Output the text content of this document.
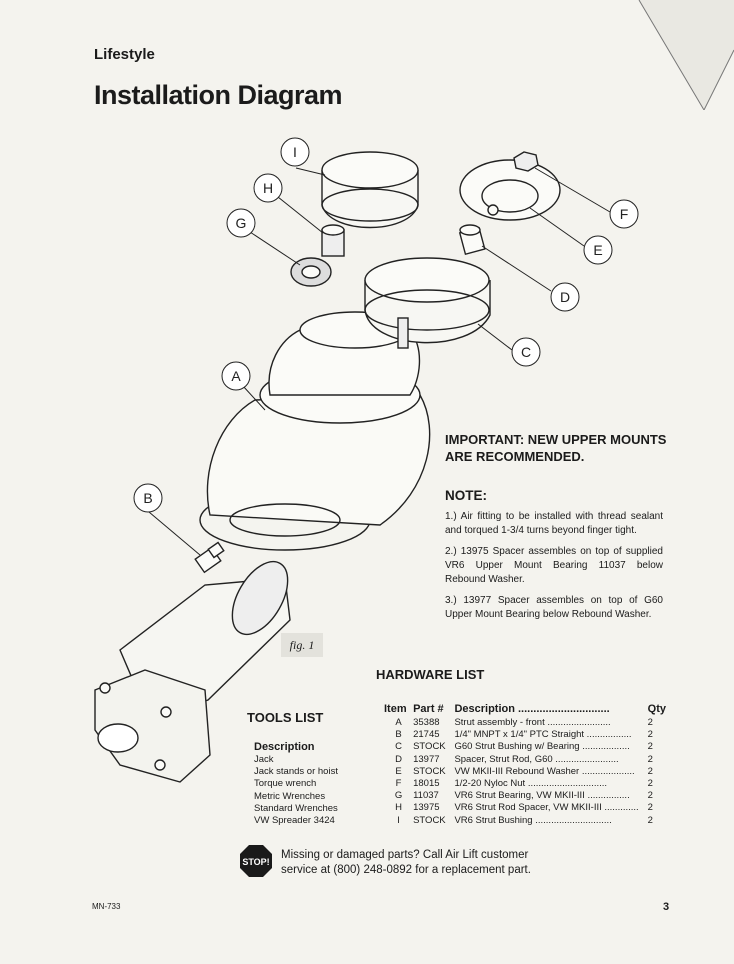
Lifestyle
Installation Diagram
I
H
G
A
B
C
D
E
F
IMPORTANT: NEW UPPER MOUNTS ARE RECOMMENDED.
NOTE:
1.) Air fitting to be installed with thread sealant and torqued 1-3/4 turns beyond finger tight.
2.) 13975 Spacer assembles on top of supplied VR6 Upper Mount Bearing 11037 below Rebound Washer.
3.) 13977 Spacer assembles on top of G60 Upper Mount Bearing below Rebound Washer.
fig. 1
HARDWARE LIST
Item	Part #	Description ..............................	Qty
A	35388	Strut assembly - front ........................	2
B	21745	1/4" MNPT x 1/4" PTC Straight .................	2
C	STOCK	G60 Strut Bushing w/ Bearing ..................	2
D	13977	Spacer, Strut Rod, G60 ........................	2
E	STOCK	VW MKII-III Rebound Washer ....................	2
F	18015	1/2-20 Nyloc Nut ..............................	2
G	11037	VR6 Strut Bearing, VW MKII-III ................	2
H	13975	VR6 Strut Rod Spacer, VW MKII-III .............	2
I	STOCK	VR6 Strut Bushing .............................	2
TOOLS LIST
Description
Jack
Jack stands or hoist
Torque wrench
Metric Wrenches
Standard Wrenches
VW Spreader 3424
STOP!
Missing or damaged parts? Call Air Lift customer
service at (800) 248-0892 for a replacement part.
MN-733	3
